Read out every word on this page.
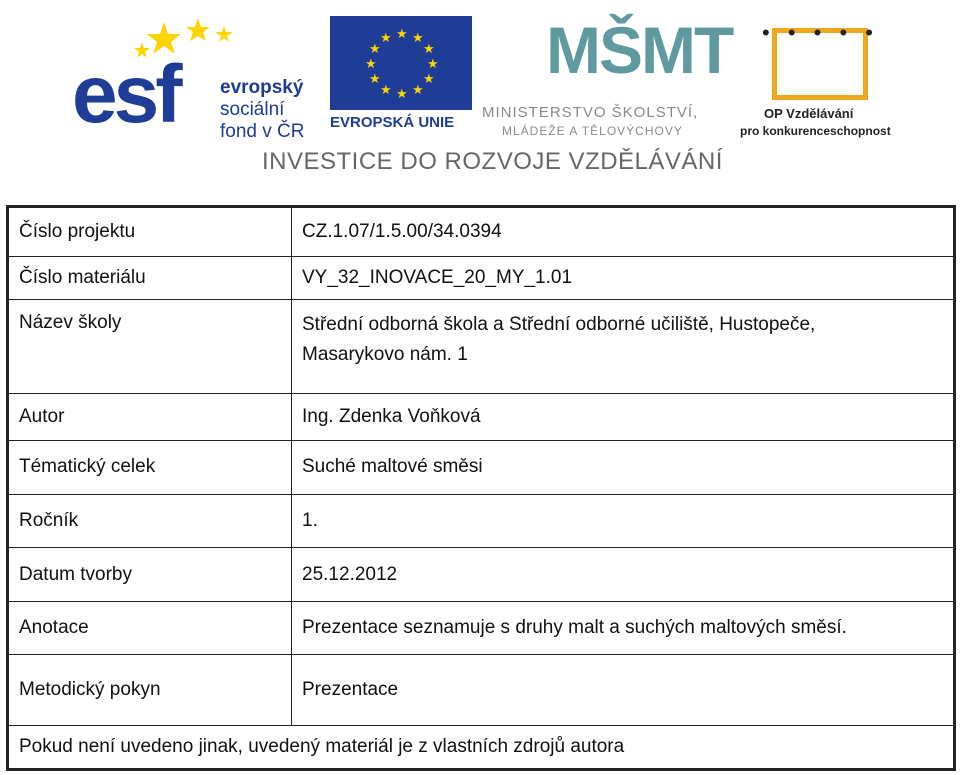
esf evropský
sociální
fond v ČR
★ ★
★
★
★
★
★
★
★
★
★
★
EVROPSKÁ UNIE
MŠMT
MINISTERSTVO ŠKOLSTVÍ,
MLÁDEŽE A TĚLOVÝCHOVY
• • • • •
OP Vzdělávání
pro konkurenceschopnost
INVESTICE DO ROZVOJE VZDĚLÁVÁNÍ
Číslo projektu	CZ.1.07/1.5.00/34.0394
Číslo materiálu	VY_32_INOVACE_20_MY_1.01
Název školy	Střední odborná škola a Střední odborné učiliště, Hustopeče,
Masarykovo nám. 1

Autor	Ing. Zdenka Voňková
Tématický celek	Suché maltové směsi
Ročník	1.
Datum tvorby	25.12.2012
Anotace	Prezentace seznamuje s druhy malt a suchých maltových směsí.
Metodický pokyn	Prezentace
Pokud není uvedeno jinak, uvedený materiál je z vlastních zdrojů autora	
